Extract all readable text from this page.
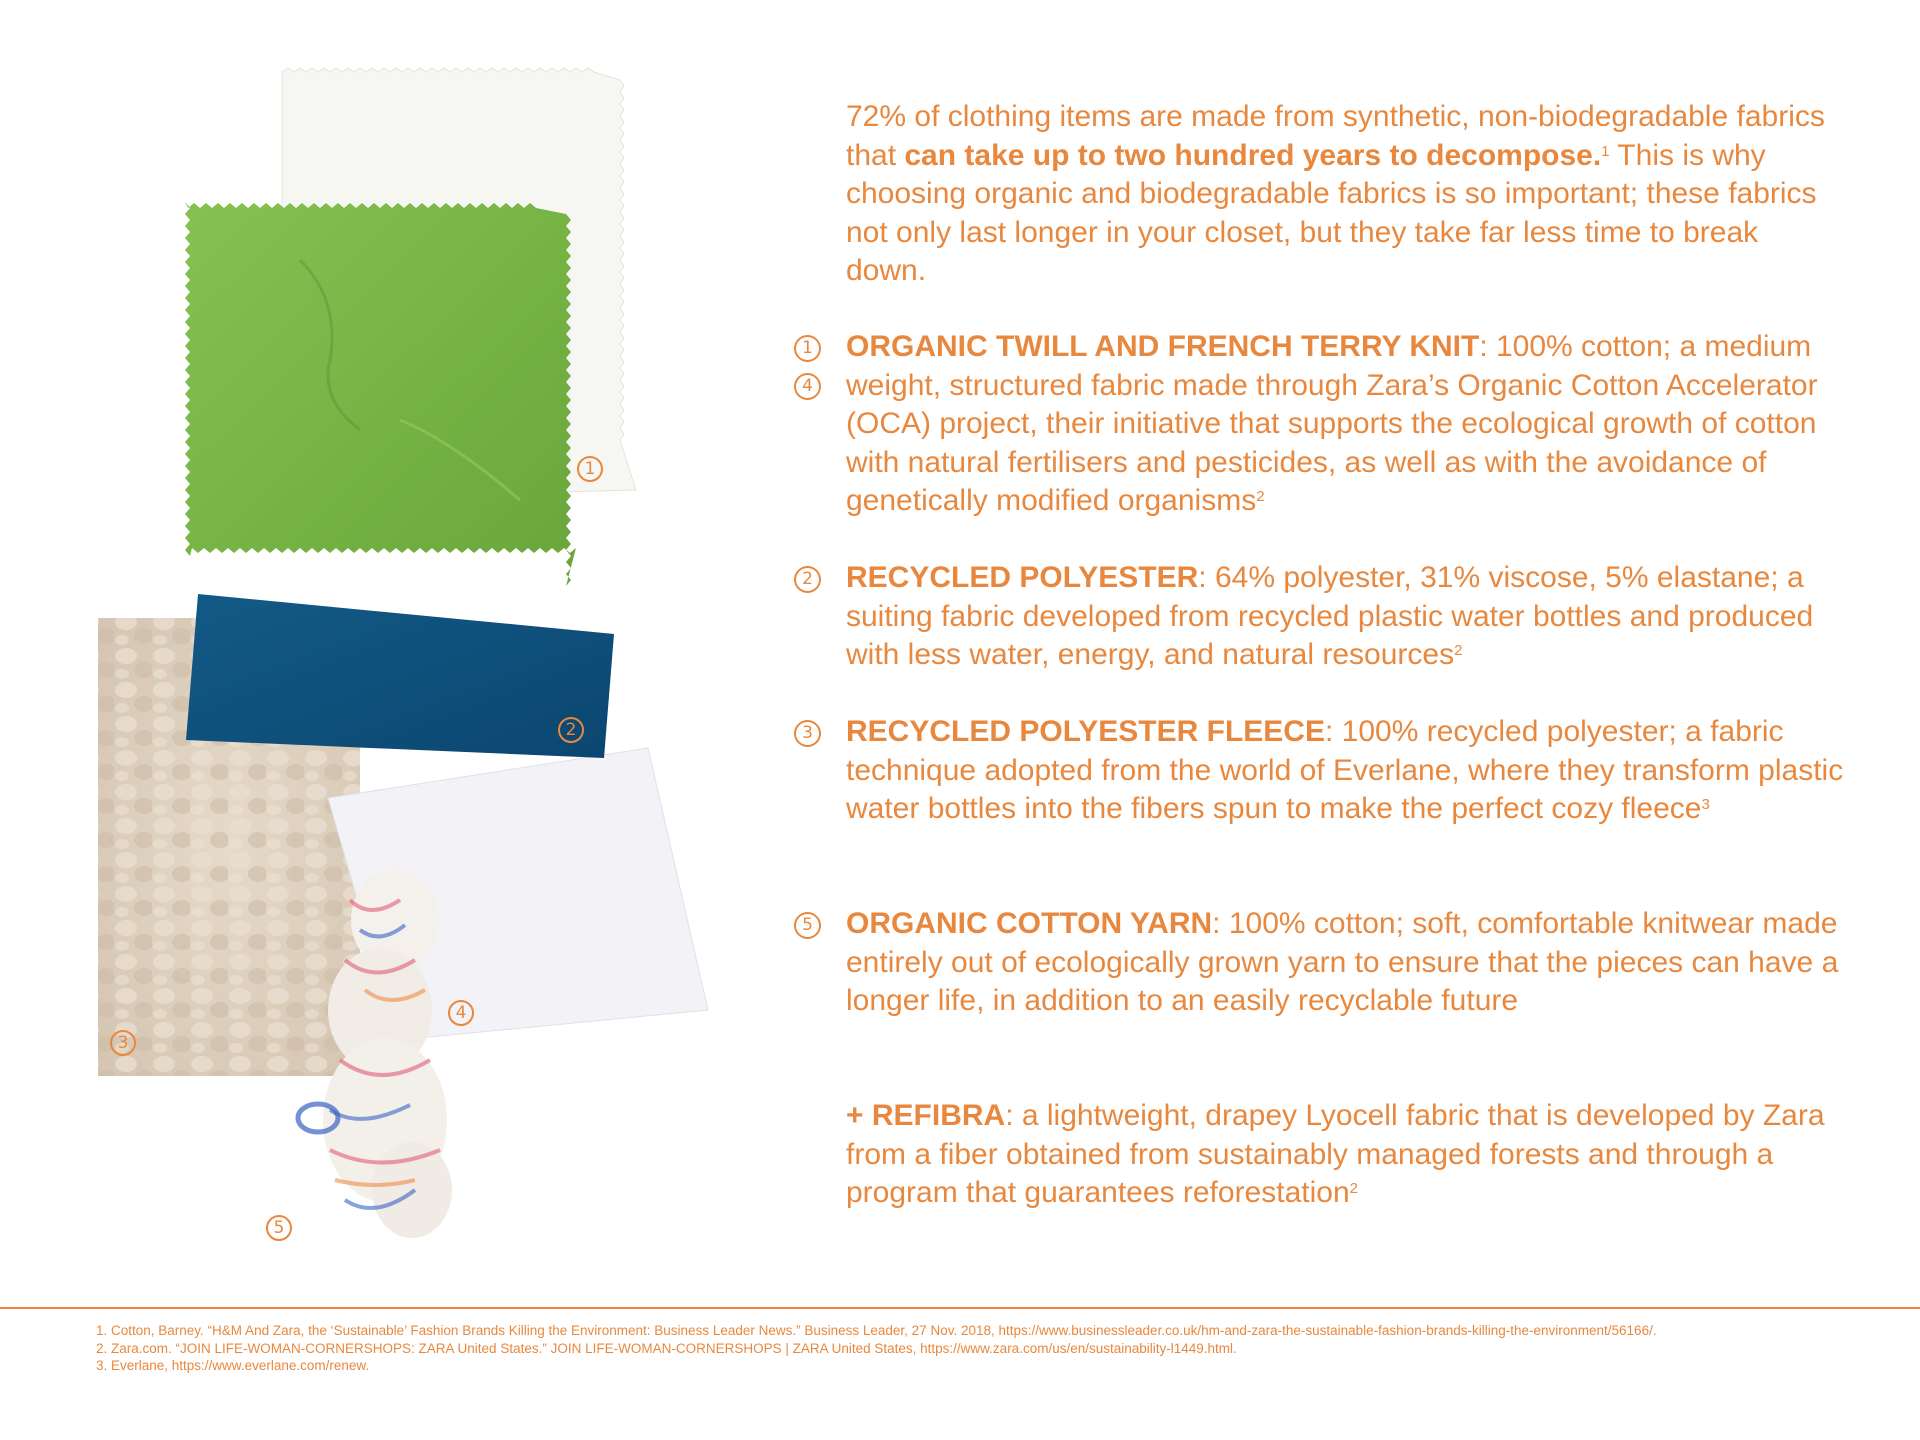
1
2
3
4
5

72% of clothing items are made from synthetic, non-biodegradable fabrics that can take up to two hundred years to decompose.$^1$ This is why choosing organic and biodegradable fabrics is so important; these fabrics not only last longer in your closet, but they take far less time to break down.

1
4

ORGANIC TWILL AND FRENCH TERRY KNIT: 100% cotton; a medium weight, structured fabric made through Zara’s Organic Cotton Accelerator (OCA) project, their initiative that supports the ecological growth of cotton with natural fertilisers and pesticides, as well as with the avoidance of genetically modified organisms$^2$

2 RECYCLED POLYESTER: 64% polyester, 31% viscose, 5% elastane; a suiting fabric developed from recycled plastic water bottles and produced with less water, energy, and natural resources$^2$

3 RECYCLED POLYESTER FLEECE: 100% recycled polyester; a fabric technique adopted from the world of Everlane, where they transform plastic water bottles into the fibers spun to make the perfect cozy fleece$^3$

5 ORGANIC COTTON YARN: 100% cotton; soft, comfortable knitwear made entirely out of ecologically grown yarn to ensure that the pieces can have a longer life, in addition to an easily recyclable future

+ REFIBRA: a lightweight, drapey Lyocell fabric that is developed by Zara from a fiber obtained from sustainably managed forests and through a program that guarantees reforestation$^2$

1. Cotton, Barney. “H&M And Zara, the ‘Sustainable’ Fashion Brands Killing the Environment: Business Leader News.” Business Leader, 27 Nov. 2018, https://www.businessleader.co.uk/hm-and-zara-the-sustainable-fashion-brands-killing-the-environment/56166/.

2. Zara.com. “JOIN LIFE-WOMAN-CORNERSHOPS: ZARA United States.” JOIN LIFE-WOMAN-CORNERSHOPS | ZARA United States, https://www.zara.com/us/en/sustainability-l1449.html.

3. Everlane, https://www.everlane.com/renew.
